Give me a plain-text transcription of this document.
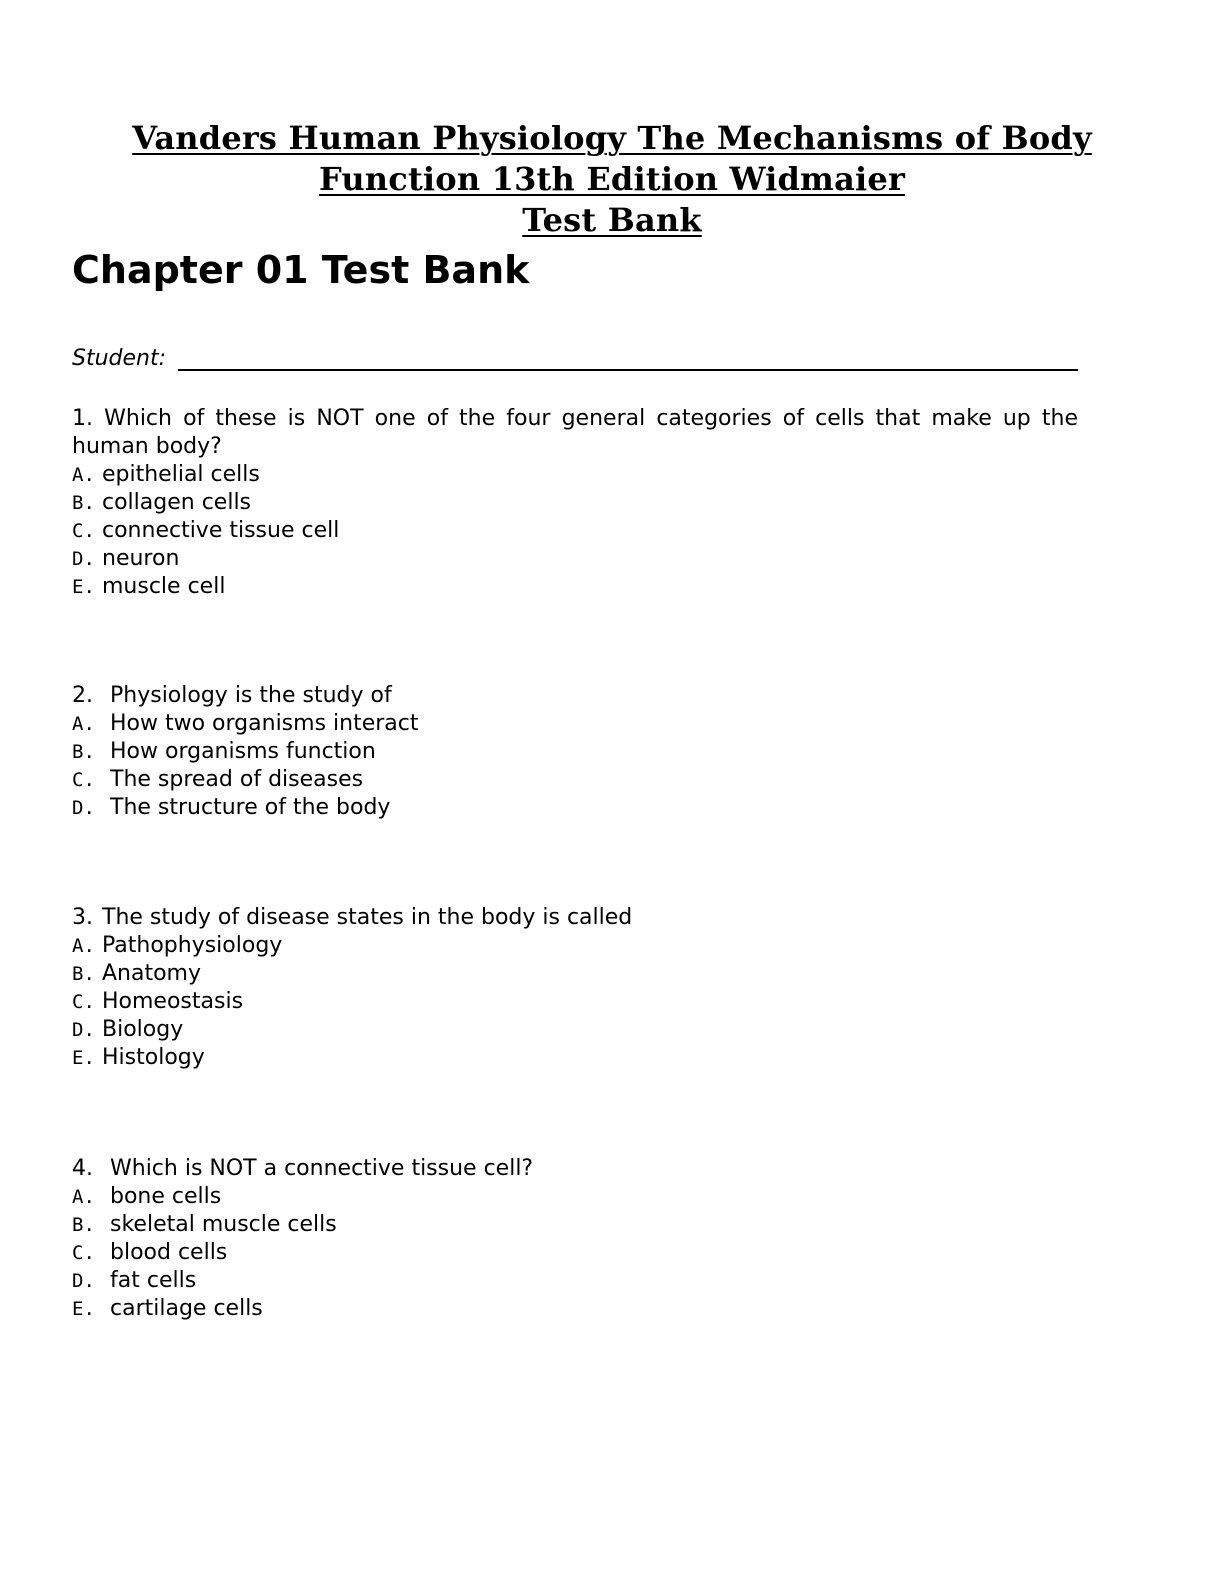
Vanders Human Physiology The Mechanisms of Body
Function 13th Edition Widmaier
Test Bank
Chapter 01 Test Bank
Student:

1. Which of these is NOT one of the four general categories of cells that make up the human body?

A. epithelial cells
B. collagen cells
C. connective tissue cell
D. neuron
E. muscle cell

2. Physiology is the study of

A. How two organisms interact
B. How organisms function
C. The spread of diseases
D. The structure of the body

3. The study of disease states in the body is called

A. Pathophysiology
B. Anatomy
C. Homeostasis
D. Biology
E. Histology

4. Which is NOT a connective tissue cell?

A. bone cells
B. skeletal muscle cells
C. blood cells
D. fat cells
E. cartilage cells
